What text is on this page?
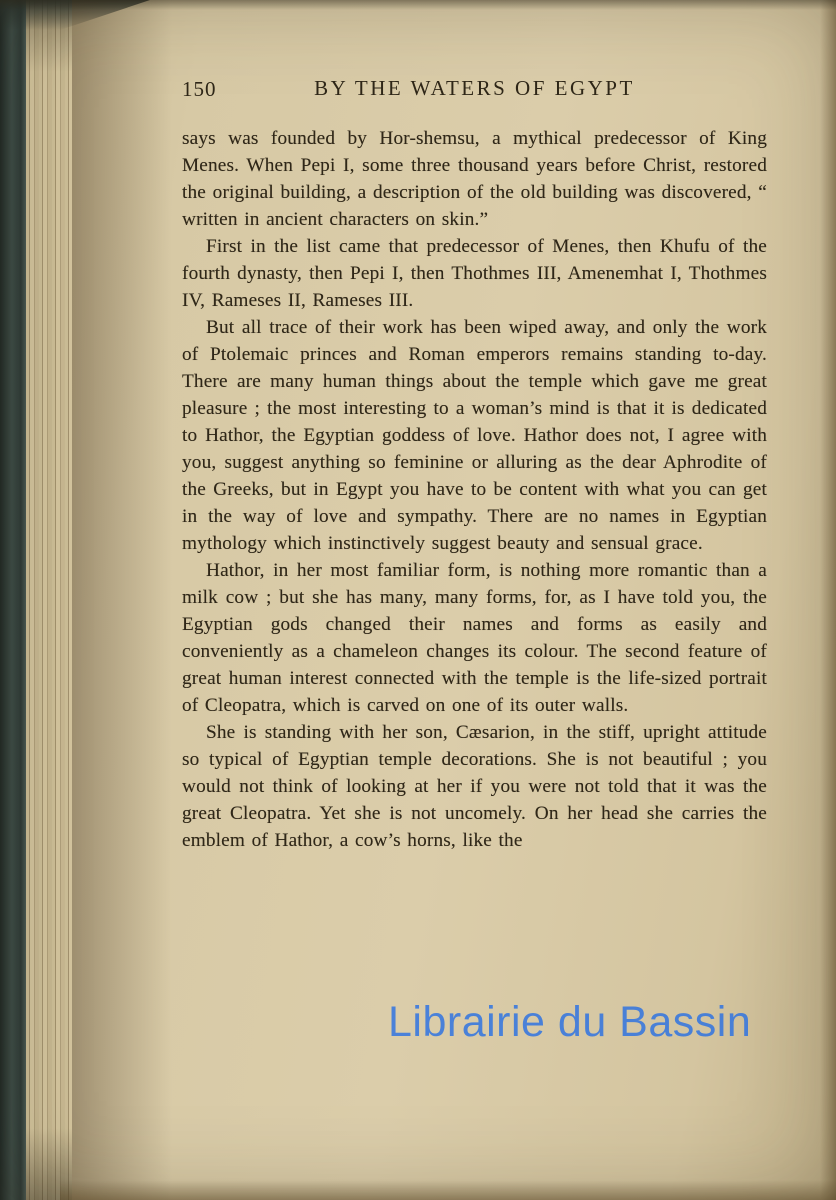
150	BY THE WATERS OF EGYPT

says was founded by Hor-shemsu, a mythical predecessor of King Menes. When Pepi I, some three thousand years before Christ, restored the original building, a description of the old building was discovered, “ written in ancient characters on skin.”

First in the list came that predecessor of Menes, then Khufu of the fourth dynasty, then Pepi I, then Thothmes III, Amenemhat I, Thothmes IV, Rameses II, Rameses III.

But all trace of their work has been wiped away, and only the work of Ptolemaic princes and Roman emperors remains standing to-day. There are many human things about the temple which gave me great pleasure ; the most interesting to a woman’s mind is that it is dedicated to Hathor, the Egyptian goddess of love. Hathor does not, I agree with you, suggest anything so feminine or alluring as the dear Aphrodite of the Greeks, but in Egypt you have to be content with what you can get in the way of love and sympathy. There are no names in Egyptian mythology which instinctively suggest beauty and sensual grace.

Hathor, in her most familiar form, is nothing more romantic than a milk cow ; but she has many, many forms, for, as I have told you, the Egyptian gods changed their names and forms as easily and conveniently as a chameleon changes its colour. The second feature of great human interest connected with the temple is the life-sized portrait of Cleopatra, which is carved on one of its outer walls.

She is standing with her son, Cæsarion, in the stiff, upright attitude so typical of Egyptian temple decorations. She is not beautiful ; you would not think of looking at her if you were not told that it was the great Cleopatra. Yet she is not uncomely. On her head she carries the emblem of Hathor, a cow’s horns, like the

Librairie du Bassin
